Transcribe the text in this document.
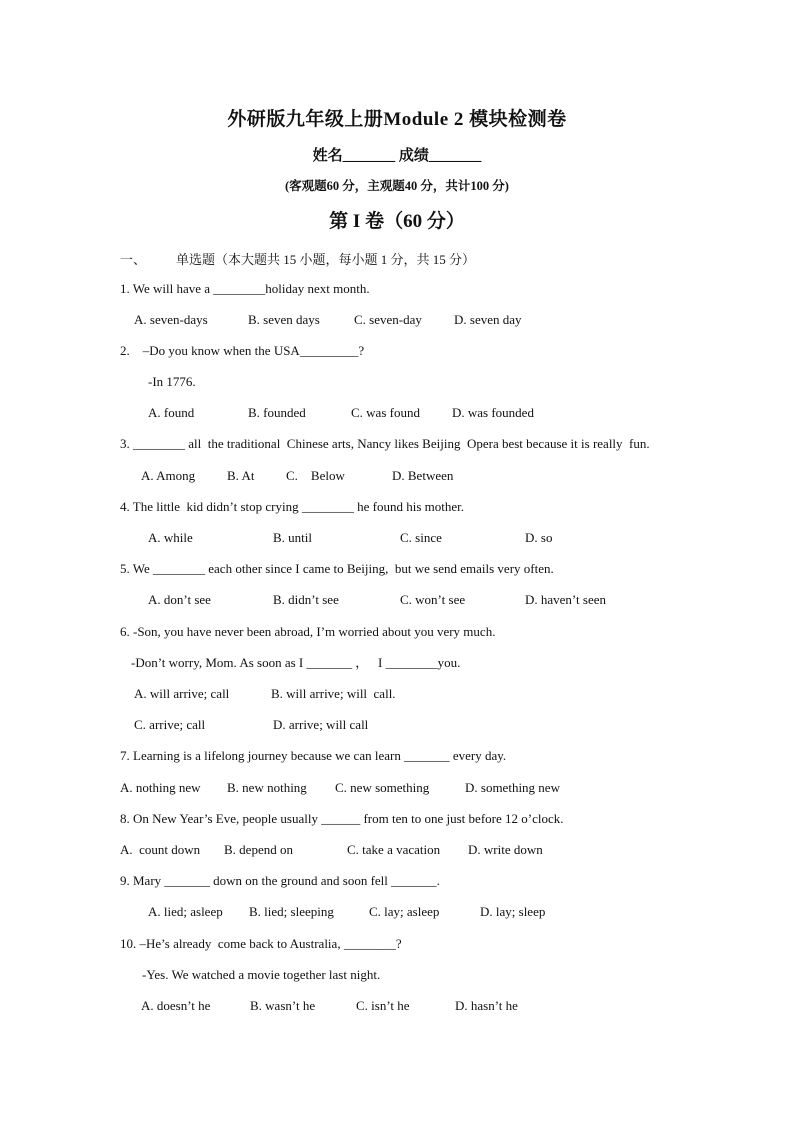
外研版九年级上册Module 2 模块检测卷
姓名_______ 成绩_______
(客观题60 分，主观题40 分，共计100 分)
第 I 卷（60 分）
一、 单选题（本大题共 15 小题，每小题 1 分，共 15 分）
1. We will have a ________holiday next month.
A. seven-days	B. seven days	C. seven-day D. seven day
2.    –Do you know when the USA_________?
-In 1776.
A. found	B. founded	C. was found D. was founded
3. ________ all  the traditional  Chinese arts, Nancy likes Beijing  Opera best because it is really  fun.
A. Among B. At C.    Below	D. Between
4. The little  kid didn’t stop crying ________ he found his mother.
A. while	B. until	C. since	D. so
5. We ________ each other since I came to Beijing,  but we send emails very often.
A. don’t see	B. didn’t see	C. won’t see	D. haven’t seen
6. -Son, you have never been abroad, I’m worried about you very much.
-Don’t worry, Mom. As soon as I _______ ，   I ________you.
A. will arrive; call	B. will arrive; will  call.
C. arrive; call	D. arrive; will call
7. Learning is a lifelong journey because we can learn _______ every day.
A. nothing new B. new nothing C. new something	D. something new
8. On New Year’s Eve, people usually ______ from ten to one just before 12 o’clock.
A.  count down B. depend on	C. take a vacation D. write down
9. Mary _______ down on the ground and soon fell _______.
A. lied; asleep B. lied; sleeping	C. lay; asleep	D. lay; sleep
10. –He’s already  come back to Australia, ________?
-Yes. We watched a movie together last night.
A. doesn’t he	B. wasn’t he	C. isn’t he	D. hasn’t he
